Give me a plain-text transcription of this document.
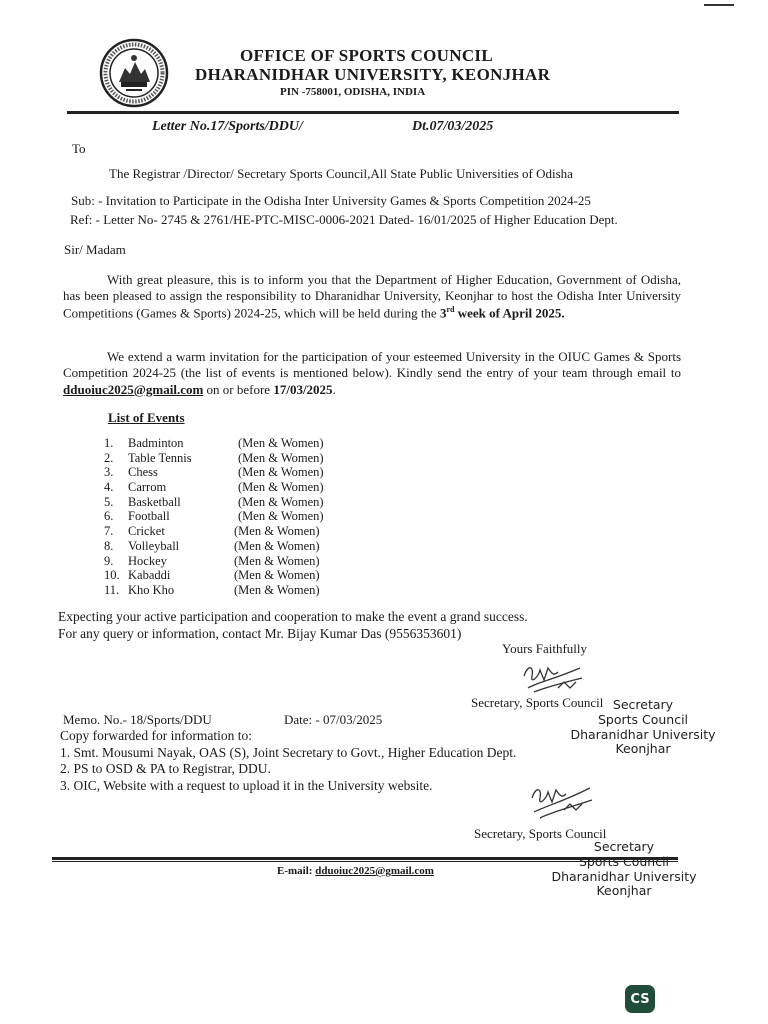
OFFICE OF SPORTS COUNCIL
DHARANIDHAR UNIVERSITY, KEONJHAR
PIN -758001, ODISHA, INDIA
Letter No.17/Sports/DDU/	Dt.07/03/2025
To
The Registrar /Director/ Secretary Sports Council,All State Public Universities of Odisha
Sub: - Invitation to Participate in the Odisha Inter University Games & Sports Competition 2024-25
Ref: - Letter No- 2745 & 2761/HE-PTC-MISC-0006-2021 Dated- 16/01/2025 of Higher Education Dept.
Sir/ Madam
With great pleasure, this is to inform you that the Department of Higher Education, Government of Odisha, has been pleased to assign the responsibility to Dharanidhar University, Keonjhar to host the Odisha Inter University Competitions (Games & Sports) 2024-25, which will be held during the 3rd week of April 2025.
We extend a warm invitation for the participation of your esteemed University in the OIUC Games & Sports Competition 2024-25 (the list of events is mentioned below). Kindly send the entry of your team through email to dduoiuc2025@gmail.com on or before 17/03/2025.
List of Events
1.	Badminton	(Men & Women)
2.	Table Tennis	(Men & Women)
3.	Chess	(Men & Women)
4.	Carrom	(Men & Women)
5.	Basketball	(Men & Women)
6.	Football	(Men & Women)
7.	Cricket	(Men & Women)
8.	Volleyball	(Men & Women)
9.	Hockey	(Men & Women)
10. Kabaddi	(Men & Women)
11. Kho Kho	(Men & Women)
Expecting your active participation and cooperation to make the event a grand success.
For any query or information, contact Mr. Bijay Kumar Das (9556353601)
Yours Faithfully
Secretary, Sports Council Secretary
Sports Council
Dharanidhar University
Keonjhar
Memo. No.- 18/Sports/DDU	Date: - 07/03/2025
Copy forwarded for information to:
1. Smt. Mousumi Nayak, OAS (S), Joint Secretary to Govt., Higher Education Dept.
2. PS to OSD & PA to Registrar, DDU.
3. OIC, Website with a request to upload it in the University website.
Secretary, Sports Council
Secretary
Dharanidhar University
Keonjhar
E-mail: dduoiuc2025@gmail.com
CS
